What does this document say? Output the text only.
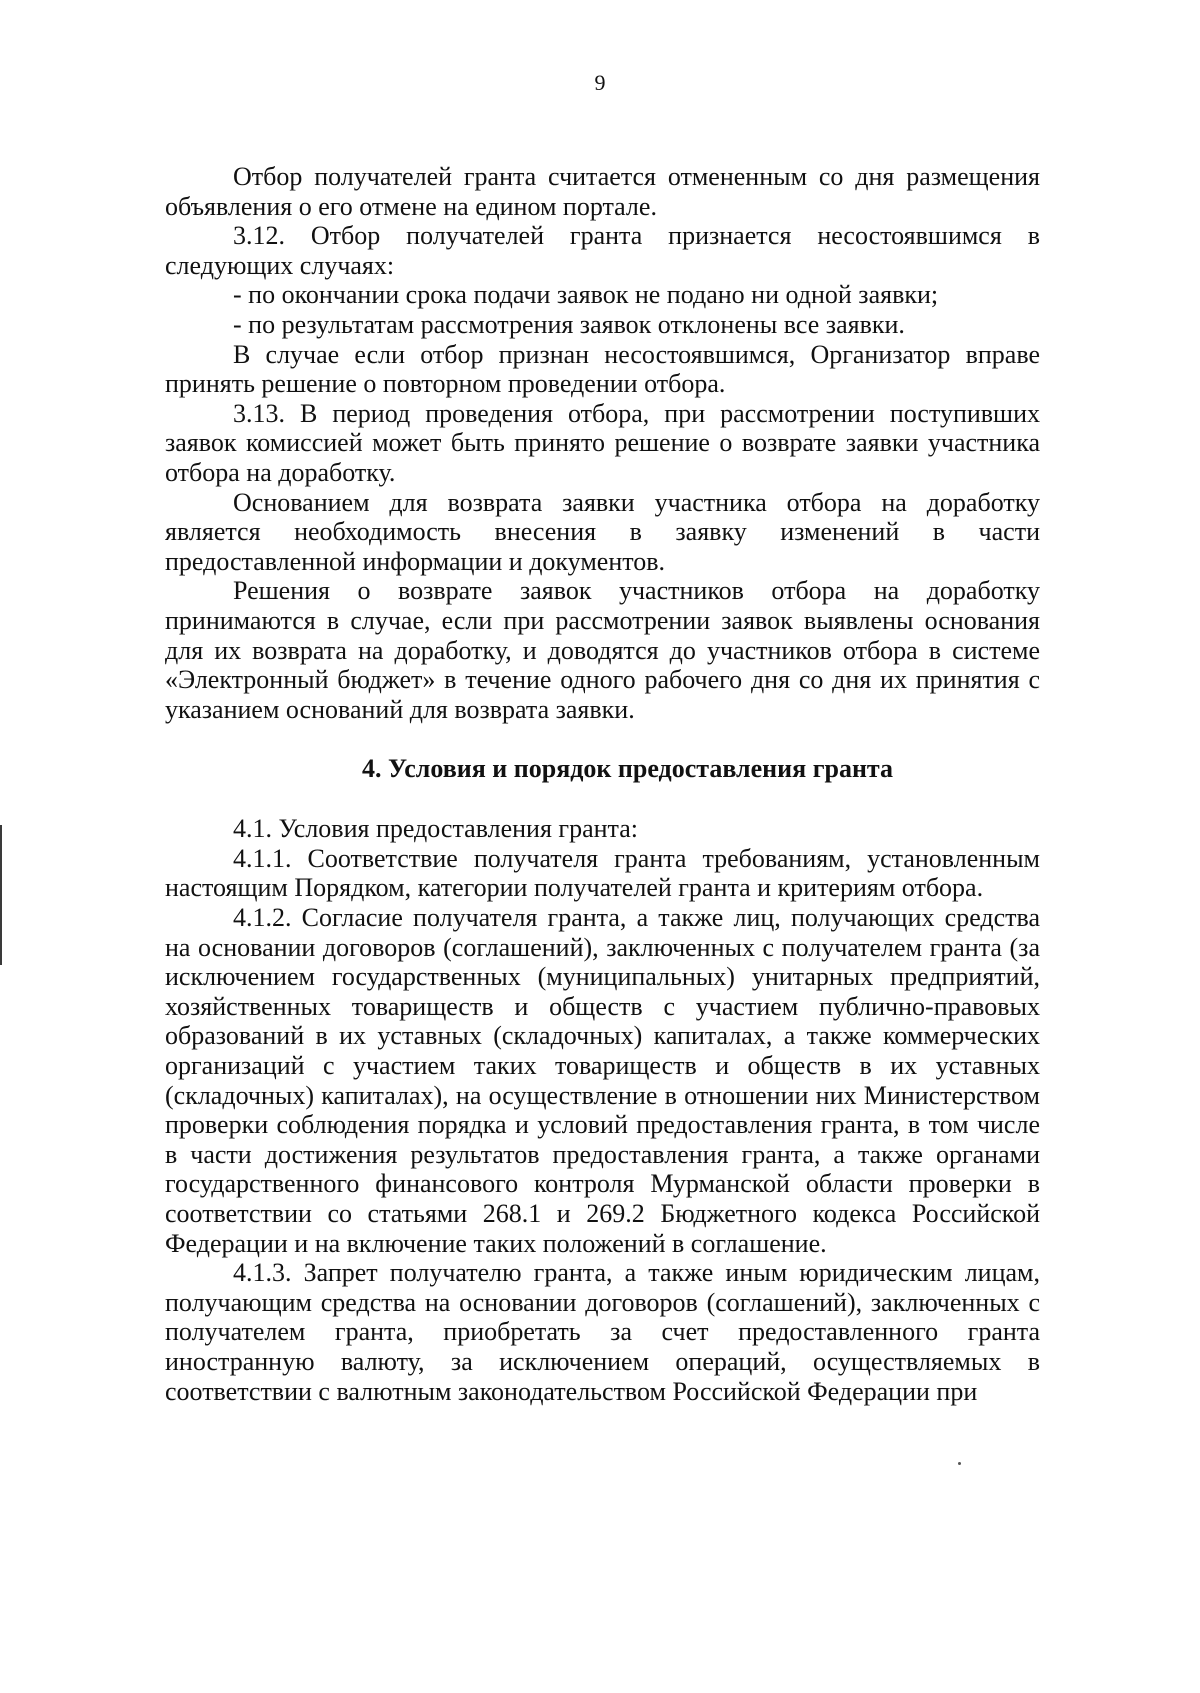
9

Отбор получателей гранта считается отмененным со дня размещения объявления о его отмене на едином портале.

3.12. Отбор получателей гранта признается несостоявшимся в следующих случаях:

- по окончании срока подачи заявок не подано ни одной заявки;

- по результатам рассмотрения заявок отклонены все заявки.

В случае если отбор признан несостоявшимся, Организатор вправе принять решение о повторном проведении отбора.

3.13. В период проведения отбора, при рассмотрении поступивших заявок комиссией может быть принято решение о возврате заявки участника отбора на доработку.

Основанием для возврата заявки участника отбора на доработку является необходимость внесения в заявку изменений в части предоставленной информации и документов.

Решения о возврате заявок участников отбора на доработку принимаются в случае, если при рассмотрении заявок выявлены основания для их возврата на доработку, и доводятся до участников отбора в системе «Электронный бюджет» в течение одного рабочего дня со дня их принятия с указанием оснований для возврата заявки.

4. Условия и порядок предоставления гранта

4.1. Условия предоставления гранта:

4.1.1. Соответствие получателя гранта требованиям, установленным настоящим Порядком, категории получателей гранта и критериям отбора.

4.1.2. Согласие получателя гранта, а также лиц, получающих средства на основании договоров (соглашений), заключенных с получателем гранта (за исключением государственных (муниципальных) унитарных предприятий, хозяйственных товариществ и обществ с участием публично-правовых образований в их уставных (складочных) капиталах, а также коммерческих организаций с участием таких товариществ и обществ в их уставных (складочных) капиталах), на осуществление в отношении них Министерством проверки соблюдения порядка и условий предоставления гранта, в том числе в части достижения результатов предоставления гранта, а также органами государственного финансового контроля Мурманской области проверки в соответствии со статьями 268.1 и 269.2 Бюджетного кодекса Российской Федерации и на включение таких положений в соглашение.

4.1.3. Запрет получателю гранта, а также иным юридическим лицам, получающим средства на основании договоров (соглашений), заключенных с получателем гранта, приобретать за счет предоставленного гранта иностранную валюту, за исключением операций, осуществляемых в соответствии с валютным законодательством Российской Федерации при
